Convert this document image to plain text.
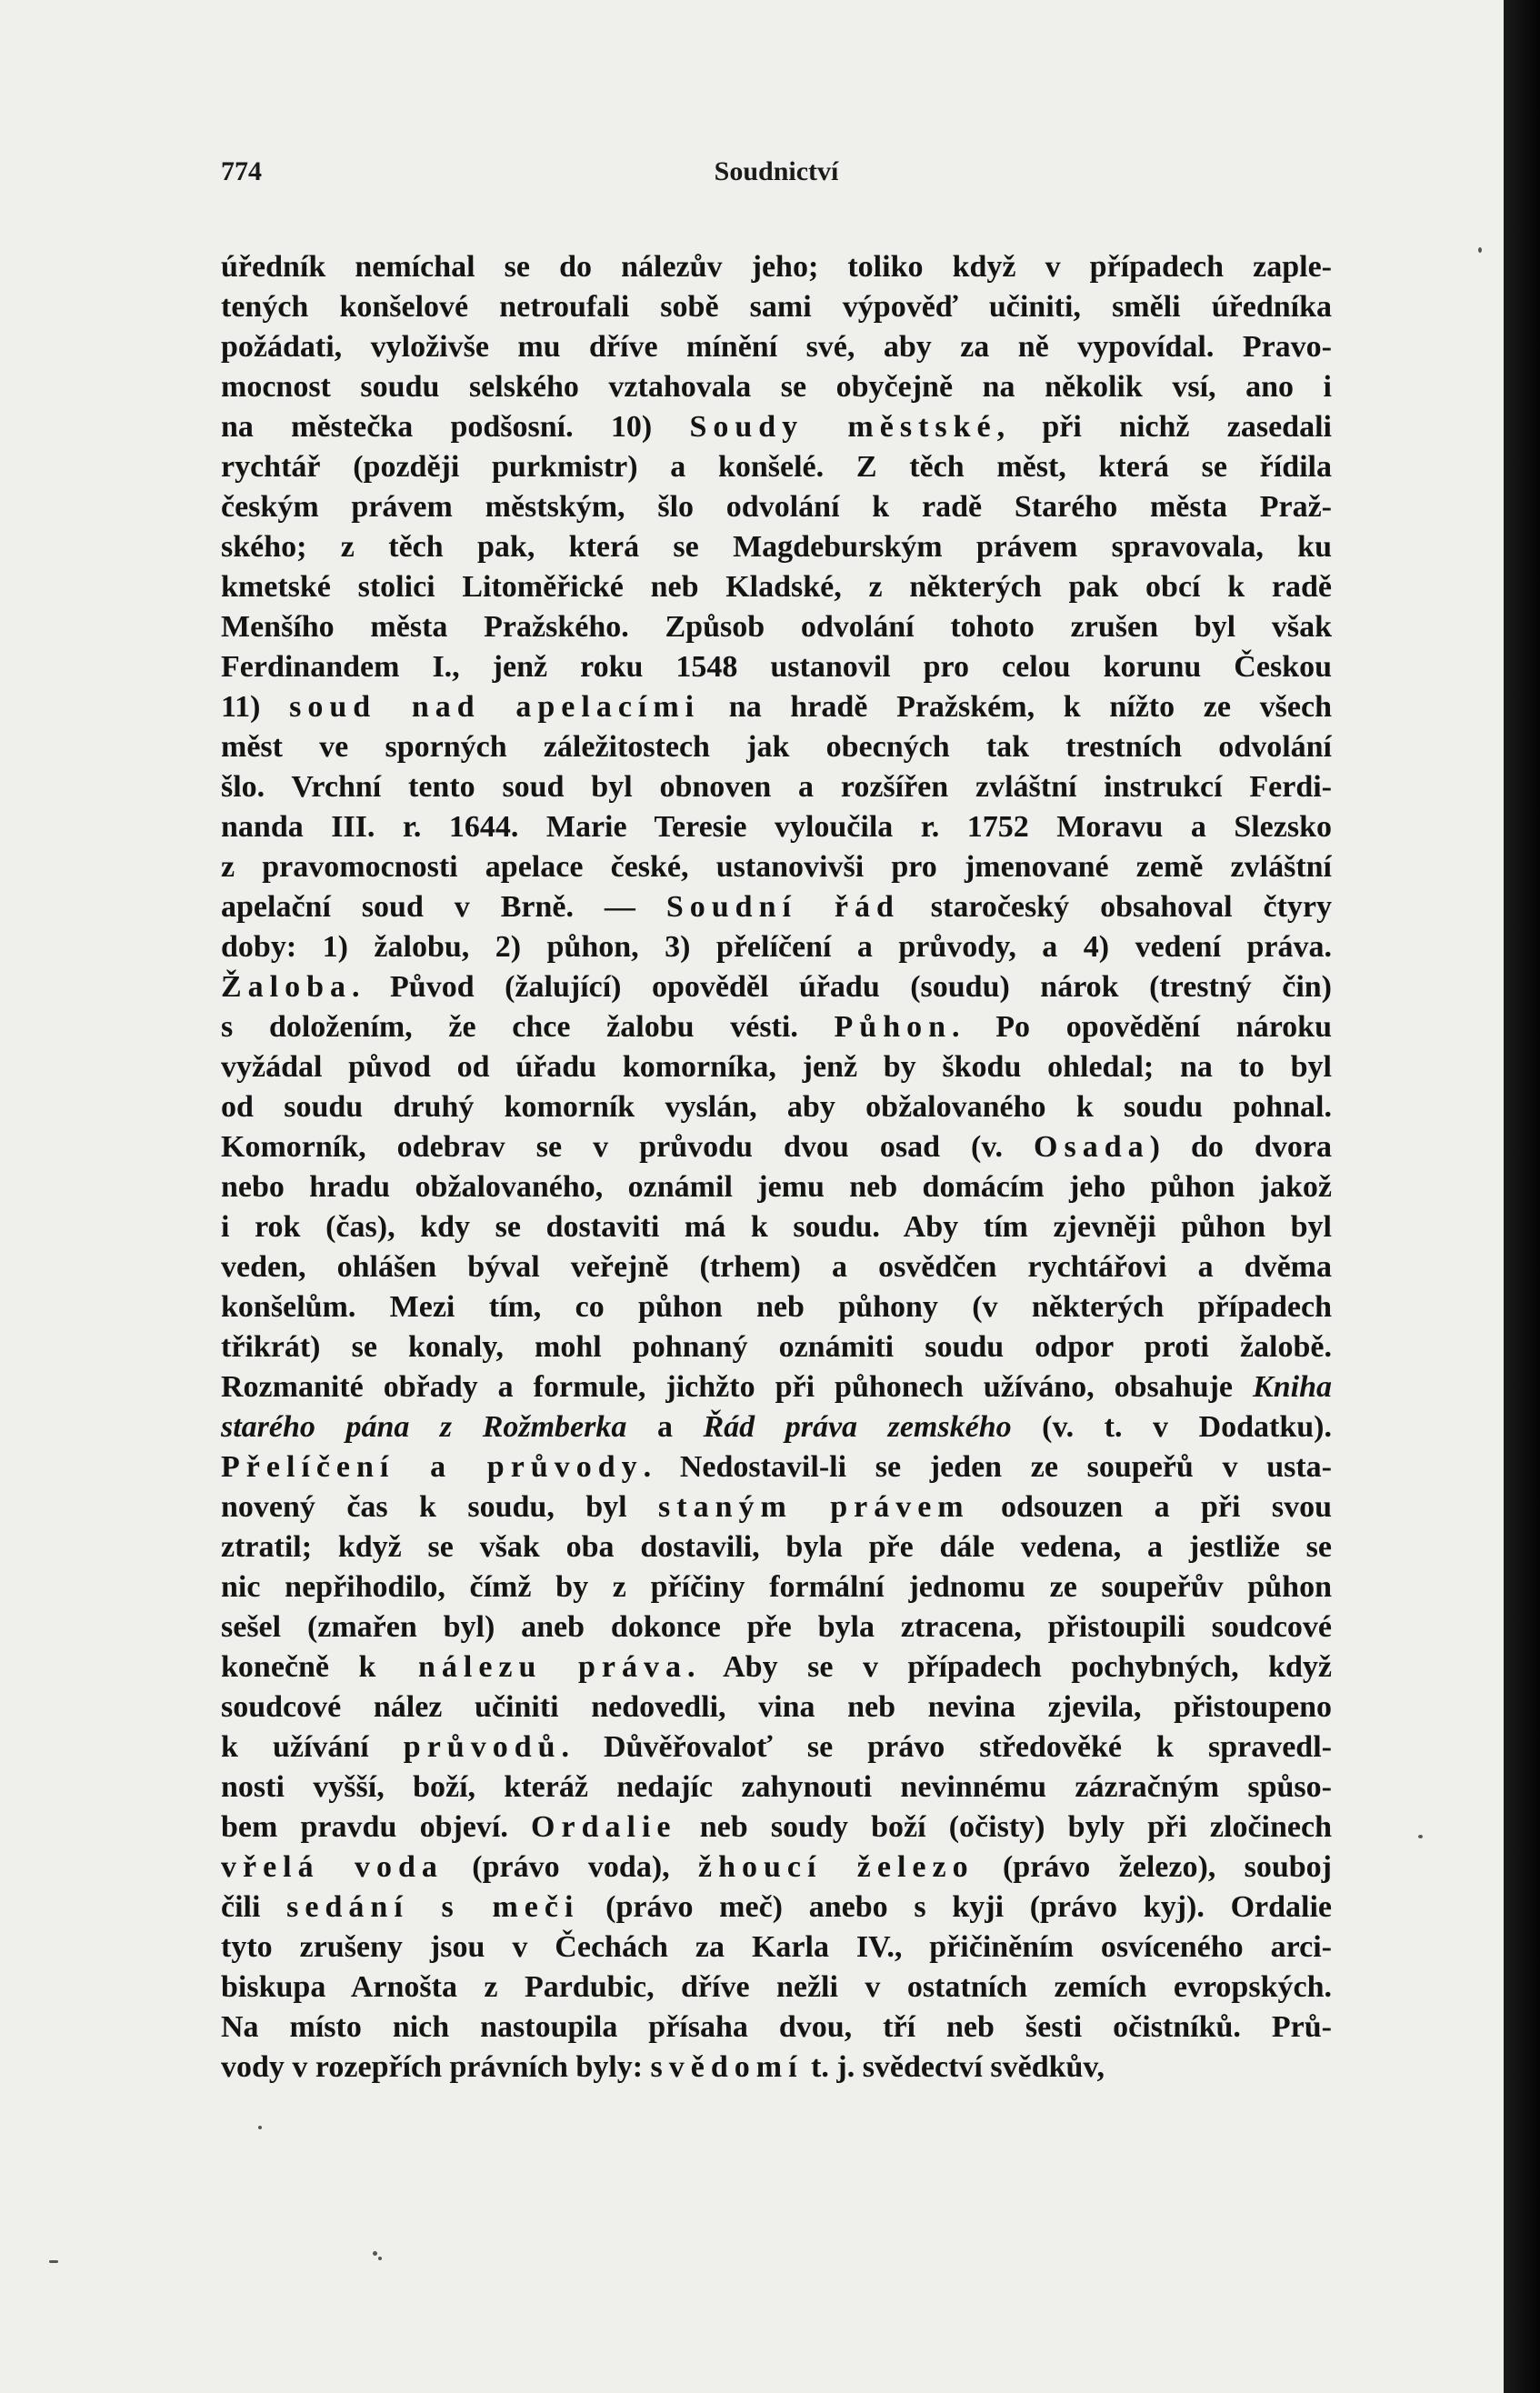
774	Soudnictví
úředník nemíchal se do nálezův jeho; toliko když v případech zaple-
tených konšelové netroufali sobě sami výpověď učiniti, směli úředníka
požádati, vyloživše mu dříve mínění své, aby za ně vypovídal. Pravo-
mocnost soudu selského vztahovala se obyčejně na několik vsí, ano i
na městečka podšosní. 10) Soudy městské, při nichž zasedali
rychtář (později purkmistr) a konšelé. Z těch měst, která se řídila
českým právem městským, šlo odvolání k radě Starého města Praž-
ského; z těch pak, která se Magdeburským právem spravovala, ku
kmetské stolici Litoměřické neb Kladské, z některých pak obcí k radě
Menšího města Pražského. Způsob odvolání tohoto zrušen byl však
Ferdinandem I., jenž roku 1548 ustanovil pro celou korunu Českou
11) soud nad apelacími na hradě Pražském, k nížto ze všech
měst ve sporných záležitostech jak obecných tak trestních odvolání
šlo. Vrchní tento soud byl obnoven a rozšířen zvláštní instrukcí Ferdi-
nanda III. r. 1644. Marie Teresie vyloučila r. 1752 Moravu a Slezsko
z pravomocnosti apelace české, ustanovivši pro jmenované země zvláštní
apelační soud v Brně. — Soudní řád staročeský obsahoval čtyry
doby: 1) žalobu, 2) půhon, 3) přelíčení a průvody, a 4) vedení práva.
Žaloba. Původ (žalující) opověděl úřadu (soudu) nárok (trestný čin)
s doložením, že chce žalobu vésti. Půhon. Po opovědění nároku
vyžádal původ od úřadu komorníka, jenž by škodu ohledal; na to byl
od soudu druhý komorník vyslán, aby obžalovaného k soudu pohnal.
Komorník, odebrav se v průvodu dvou osad (v. Osada) do dvora
nebo hradu obžalovaného, oznámil jemu neb domácím jeho půhon jakož
i rok (čas), kdy se dostaviti má k soudu. Aby tím zjevněji půhon byl
veden, ohlášen býval veřejně (trhem) a osvědčen rychtářovi a dvěma
konšelům. Mezi tím, co půhon neb půhony (v některých případech
třikrát) se konaly, mohl pohnaný oznámiti soudu odpor proti žalobě.
Rozmanité obřady a formule, jichžto při půhonech užíváno, obsahuje Kniha
starého pána z Rožmberka a Řád práva zemského (v. t. v Dodatku).
Přelíčení a průvody. Nedostavil-li se jeden ze soupeřů v usta-
novený čas k soudu, byl staným právem odsouzen a při svou
ztratil; když se však oba dostavili, byla pře dále vedena, a jestliže se
nic nepřihodilo, čímž by z příčiny formální jednomu ze soupeřův půhon
sešel (zmařen byl) aneb dokonce pře byla ztracena, přistoupili soudcové
konečně k nálezu práva. Aby se v případech pochybných, když
soudcové nález učiniti nedovedli, vina neb nevina zjevila, přistoupeno
k užívání průvodů. Důvěřovaloť se právo středověké k spravedl-
nosti vyšší, boží, kteráž nedajíc zahynouti nevinnému zázračným spůso-
bem pravdu objeví. Ordalie neb soudy boží (očisty) byly při zločinech
vřelá voda (právo voda), žhoucí železo (právo železo), souboj
čili sedání s meči (právo meč) anebo s kyji (právo kyj). Ordalie
tyto zrušeny jsou v Čechách za Karla IV., přičiněním osvíceného arci-
biskupa Arnošta z Pardubic, dříve nežli v ostatních zemích evropských.
Na místo nich nastoupila přísaha dvou, tří neb šesti očistníků. Prů-
vody v rozepřích právních byly: svědomí t. j. svědectví svědkův,
